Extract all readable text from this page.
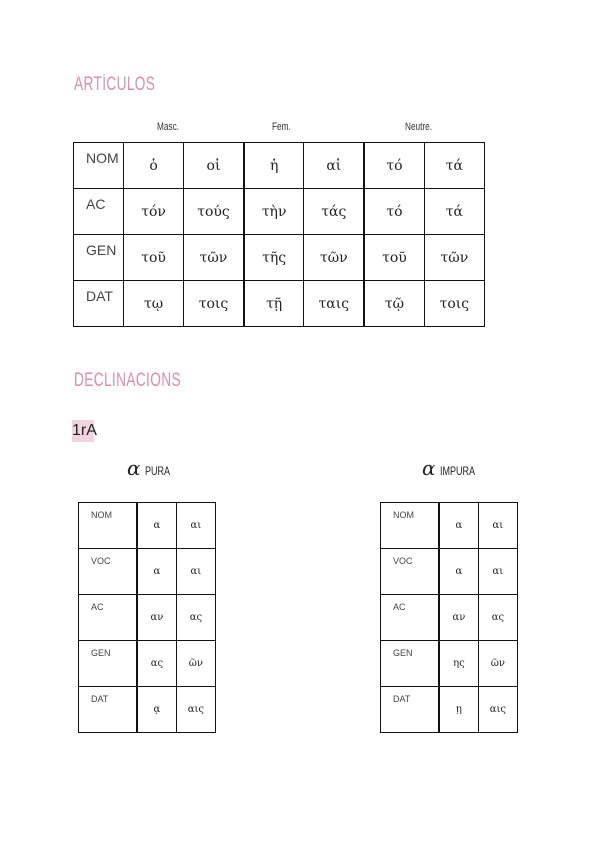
ARTÍCULOS
Masc.	Fem.	Neutre.
NOM	ὁ	οἱ	ἡ	αἱ	τό	τά
AC	τόν	τούς	τὴν	τάς	τό	τά
GEN	τοῦ	τῶν	τῆς	τῶν	τοῦ	τῶν
DAT	τῳ	τοις	τῇ	ταις	τῷ	τοις
DECLINACIONS
1rA
α PURA	α IMPURA
NOM	α	αι
VOC	α	αι
AC	αν	ας
GEN	ας	ῶν
DAT	ᾳ	αις
NOM	α	αι
VOC	α	αι
AC	αν	ας
GEN	ης	ῶν
DAT	ῃ	αις
